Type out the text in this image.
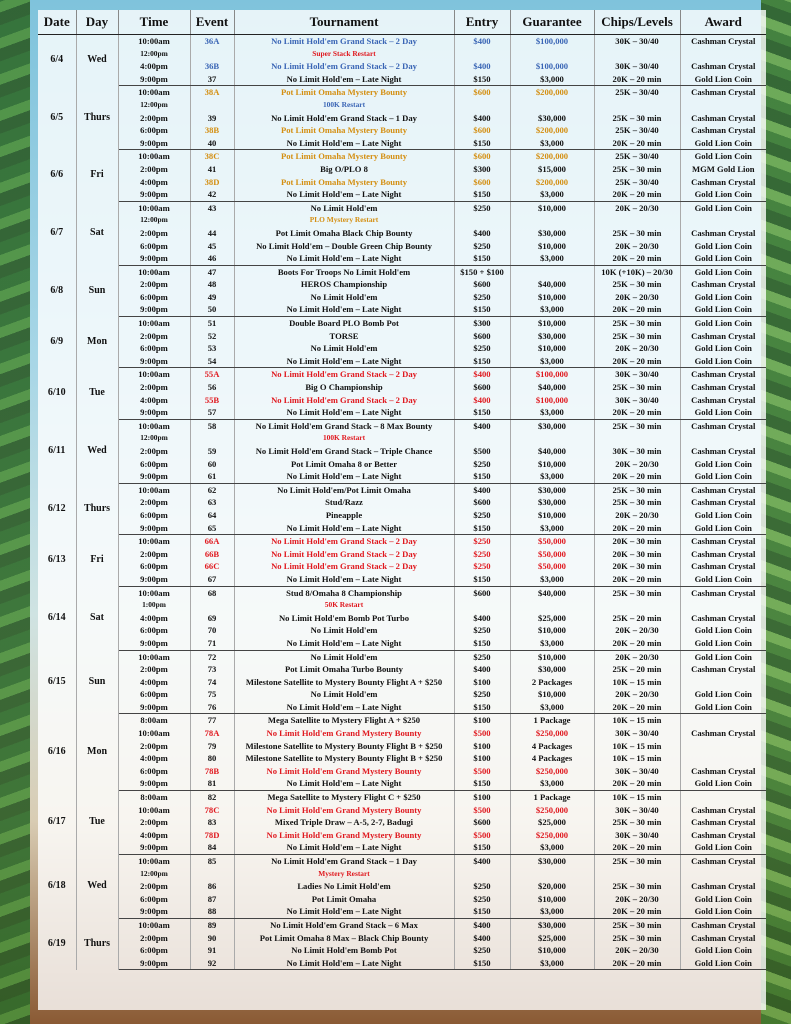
Date	Day	Time	Event	Tournament	Entry	Guarantee	Chips/Levels	Award
6/4	Wed	10:00am	36A	No Limit Hold'em Grand Stack – 2 Day	$400	$100,000	30K – 30/40	Cashman Crystal
		12:00pm		Super Stack Restart				
		4:00pm	36B	No Limit Hold'em Grand Stack – 2 Day	$400	$100,000	30K – 30/40	Cashman Crystal
		9:00pm	37	No Limit Hold'em – Late Night	$150	$3,000	20K – 20 min	Gold Lion Coin
6/5	Thurs	10:00am	38A	Pot Limit Omaha Mystery Bounty	$600	$200,000	25K – 30/40	Cashman Crystal
		12:00pm		100K Restart				
		2:00pm	39	No Limit Hold'em Grand Stack – 1 Day	$400	$30,000	25K – 30 min	Cashman Crystal
		6:00pm	38B	Pot Limit Omaha Mystery Bounty	$600	$200,000	25K – 30/40	Cashman Crystal
		9:00pm	40	No Limit Hold'em – Late Night	$150	$3,000	20K – 20 min	Gold Lion Coin
6/6	Fri	10:00am	38C	Pot Limit Omaha Mystery Bounty	$600	$200,000	25K – 30/40	Gold Lion Coin
		2:00pm	41	Big O/PLO 8	$300	$15,000	25K – 30 min	MGM Gold Lion
		4:00pm	38D	Pot Limit Omaha Mystery Bounty	$600	$200,000	25K – 30/40	Cashman Crystal
		9:00pm	42	No Limit Hold'em – Late Night	$150	$3,000	20K – 20 min	Gold Lion Coin
6/7	Sat	10:00am	43	No Limit Hold'em	$250	$10,000	20K – 20/30	Gold Lion Coin
		12:00pm		PLO Mystery Restart				
		2:00pm	44	Pot Limit Omaha Black Chip Bounty	$400	$30,000	25K – 30 min	Cashman Crystal
		6:00pm	45	No Limit Hold'em – Double Green Chip Bounty	$250	$10,000	20K – 20/30	Gold Lion Coin
		9:00pm	46	No Limit Hold'em – Late Night	$150	$3,000	20K – 20 min	Gold Lion Coin
6/8	Sun	10:00am	47	Boots For Troops No Limit Hold'em	$150 + $100		10K (+10K) – 20/30	Gold Lion Coin
		2:00pm	48	HEROS Championship	$600	$40,000	25K – 30 min	Cashman Crystal
		6:00pm	49	No Limit Hold'em	$250	$10,000	20K – 20/30	Gold Lion Coin
		9:00pm	50	No Limit Hold'em – Late Night	$150	$3,000	20K – 20 min	Gold Lion Coin
6/9	Mon	10:00am	51	Double Board PLO Bomb Pot	$300	$10,000	25K – 30 min	Gold Lion Coin
		2:00pm	52	TORSE	$600	$30,000	25K – 30 min	Cashman Crystal
		6:00pm	53	No Limit Hold'em	$250	$10,000	20K – 20/30	Gold Lion Coin
		9:00pm	54	No Limit Hold'em – Late Night	$150	$3,000	20K – 20 min	Gold Lion Coin
6/10	Tue	10:00am	55A	No Limit Hold'em Grand Stack – 2 Day	$400	$100,000	30K – 30/40	Cashman Crystal
		2:00pm	56	Big O Championship	$600	$40,000	25K – 30 min	Cashman Crystal
		4:00pm	55B	No Limit Hold'em Grand Stack – 2 Day	$400	$100,000	30K – 30/40	Cashman Crystal
		9:00pm	57	No Limit Hold'em – Late Night	$150	$3,000	20K – 20 min	Gold Lion Coin
6/11	Wed	10:00am	58	No Limit Hold'em Grand Stack – 8 Max Bounty	$400	$30,000	25K – 30 min	Cashman Crystal
		12:00pm		100K Restart				
		2:00pm	59	No Limit Hold'em Grand Stack – Triple Chance	$500	$40,000	30K – 30 min	Cashman Crystal
		6:00pm	60	Pot Limit Omaha 8 or Better	$250	$10,000	20K – 20/30	Gold Lion Coin
		9:00pm	61	No Limit Hold'em – Late Night	$150	$3,000	20K – 20 min	Gold Lion Coin
6/12	Thurs	10:00am	62	No Limit Hold'em/Pot Limit Omaha	$400	$30,000	25K – 30 min	Cashman Crystal
		2:00pm	63	Stud/Razz	$600	$30,000	25K – 30 min	Cashman Crystal
		6:00pm	64	Pineapple	$250	$10,000	20K – 20/30	Gold Lion Coin
		9:00pm	65	No Limit Hold'em – Late Night	$150	$3,000	20K – 20 min	Gold Lion Coin
6/13	Fri	10:00am	66A	No Limit Hold'em Grand Stack – 2 Day	$250	$50,000	20K – 30 min	Cashman Crystal
		2:00pm	66B	No Limit Hold'em Grand Stack – 2 Day	$250	$50,000	20K – 30 min	Cashman Crystal
		6:00pm	66C	No Limit Hold'em Grand Stack – 2 Day	$250	$50,000	20K – 30 min	Cashman Crystal
		9:00pm	67	No Limit Hold'em – Late Night	$150	$3,000	20K – 20 min	Gold Lion Coin
6/14	Sat	10:00am	68	Stud 8/Omaha 8 Championship	$600	$40,000	25K – 30 min	Cashman Crystal
		1:00pm		50K Restart				
		4:00pm	69	No Limit Hold'em Bomb Pot Turbo	$400	$25,000	25K – 20 min	Cashman Crystal
		6:00pm	70	No Limit Hold'em	$250	$10,000	20K – 20/30	Gold Lion Coin
		9:00pm	71	No Limit Hold'em – Late Night	$150	$3,000	20K – 20 min	Gold Lion Coin
6/15	Sun	10:00am	72	No Limit Hold'em	$250	$10,000	20K – 20/30	Gold Lion Coin
		2:00pm	73	Pot Limit Omaha Turbo Bounty	$400	$30,000	25K – 20 min	Cashman Crystal
		4:00pm	74	Milestone Satellite to Mystery Bounty Flight A + $250	$100	2 Packages	10K – 15 min	
		6:00pm	75	No Limit Hold'em	$250	$10,000	20K – 20/30	Gold Lion Coin
		9:00pm	76	No Limit Hold'em – Late Night	$150	$3,000	20K – 20 min	Gold Lion Coin
6/16	Mon	8:00am	77	Mega Satellite to Mystery Flight A + $250	$100	1 Package	10K – 15 min	
		10:00am	78A	No Limit Hold'em Grand Mystery Bounty	$500	$250,000	30K – 30/40	Cashman Crystal
		2:00pm	79	Milestone Satellite to Mystery Bounty Flight B + $250	$100	4 Packages	10K – 15 min	
		4:00pm	80	Milestone Satellite to Mystery Bounty Flight B + $250	$100	4 Packages	10K – 15 min	
		6:00pm	78B	No Limit Hold'em Grand Mystery Bounty	$500	$250,000	30K – 30/40	Cashman Crystal
		9:00pm	81	No Limit Hold'em – Late Night	$150	$3,000	20K – 20 min	Gold Lion Coin
6/17	Tue	8:00am	82	Mega Satellite to Mystery Flight C + $250	$100	1 Package	10K – 15 min	
		10:00am	78C	No Limit Hold'em Grand Mystery Bounty	$500	$250,000	30K – 30/40	Cashman Crystal
		2:00pm	83	Mixed Triple Draw – A-5, 2-7, Badugi	$600	$25,000	25K – 30 min	Cashman Crystal
		4:00pm	78D	No Limit Hold'em Grand Mystery Bounty	$500	$250,000	30K – 30/40	Cashman Crystal
		9:00pm	84	No Limit Hold'em – Late Night	$150	$3,000	20K – 20 min	Gold Lion Coin
6/18	Wed	10:00am	85	No Limit Hold'em Grand Stack – 1 Day	$400	$30,000	25K – 30 min	Cashman Crystal
		12:00pm		Mystery Restart				
		2:00pm	86	Ladies No Limit Hold'em	$250	$20,000	25K – 30 min	Cashman Crystal
		6:00pm	87	Pot Limit Omaha	$250	$10,000	20K – 20/30	Gold Lion Coin
		9:00pm	88	No Limit Hold'em – Late Night	$150	$3,000	20K – 20 min	Gold Lion Coin
6/19	Thurs	10:00am	89	No Limit Hold'em Grand Stack – 6 Max	$400	$30,000	25K – 30 min	Cashman Crystal
		2:00pm	90	Pot Limit Omaha 8 Max – Black Chip Bounty	$400	$25,000	25K – 30 min	Cashman Crystal
		6:00pm	91	No Limit Hold'em Bomb Pot	$250	$10,000	20K – 20/30	Gold Lion Coin
		9:00pm	92	No Limit Hold'em – Late Night	$150	$3,000	20K – 20 min	Gold Lion Coin
